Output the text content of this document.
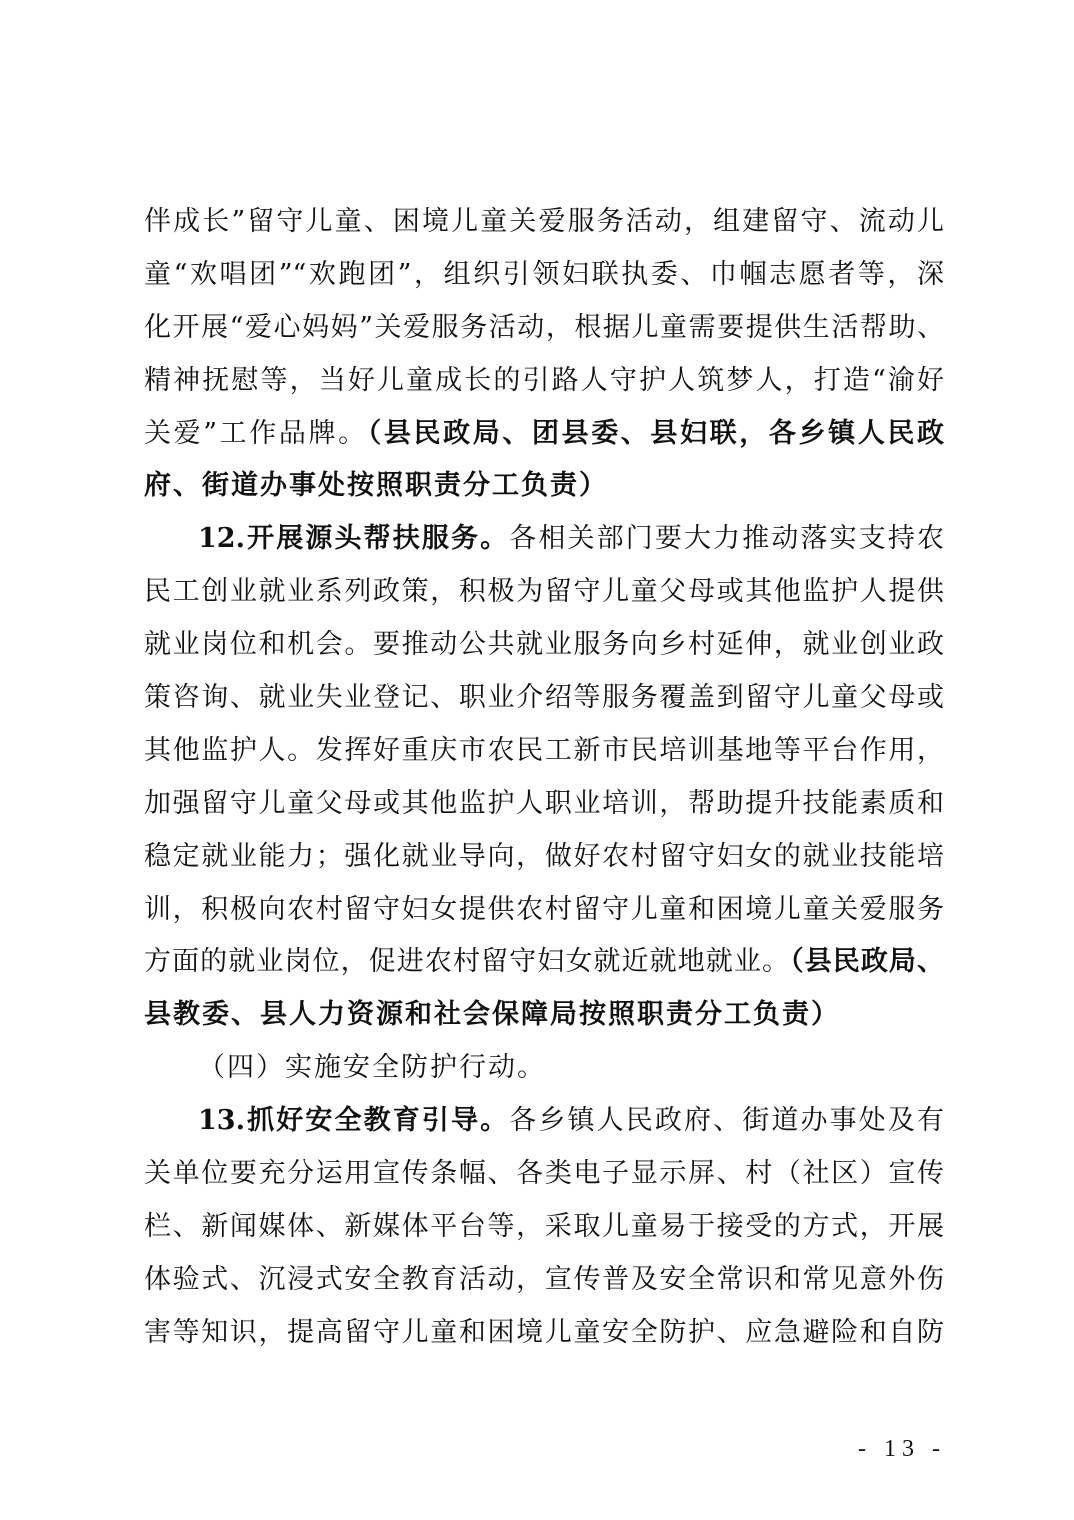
伴成长”留守儿童、困境儿童关爱服务活动，组建留守、流动儿
童“欢唱团”“欢跑团”，组织引领妇联执委、巾帼志愿者等，深
化开展“爱心妈妈”关爱服务活动，根据儿童需要提供生活帮助、
精神抚慰等，当好儿童成长的引路人守护人筑梦人，打造“渝好
关爱”工作品牌。（县民政局、团县委、县妇联，各乡镇人民政
府、街道办事处按照职责分工负责）
12.开展源头帮扶服务。各相关部门要大力推动落实支持农
民工创业就业系列政策，积极为留守儿童父母或其他监护人提供
就业岗位和机会。要推动公共就业服务向乡村延伸，就业创业政
策咨询、就业失业登记、职业介绍等服务覆盖到留守儿童父母或
其他监护人。发挥好重庆市农民工新市民培训基地等平台作用，
加强留守儿童父母或其他监护人职业培训，帮助提升技能素质和
稳定就业能力；强化就业导向，做好农村留守妇女的就业技能培
训，积极向农村留守妇女提供农村留守儿童和困境儿童关爱服务
方面的就业岗位，促进农村留守妇女就近就地就业。（县民政局、
县教委、县人力资源和社会保障局按照职责分工负责）
（四）实施安全防护行动。
13.抓好安全教育引导。各乡镇人民政府、街道办事处及有
关单位要充分运用宣传条幅、各类电子显示屏、村（社区）宣传
栏、新闻媒体、新媒体平台等，采取儿童易于接受的方式，开展
体验式、沉浸式安全教育活动，宣传普及安全常识和常见意外伤
害等知识，提高留守儿童和困境儿童安全防护、应急避险和自防
- 13 -
